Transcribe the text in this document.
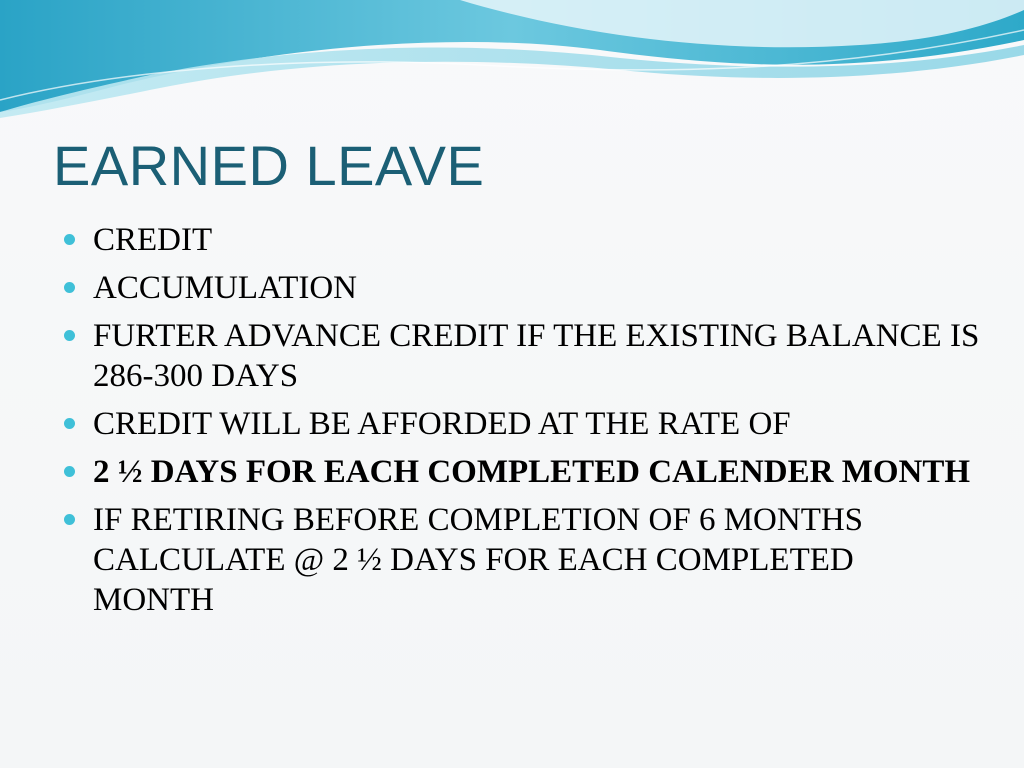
EARNED LEAVE
CREDIT
ACCUMULATION
FURTER ADVANCE CREDIT IF THE EXISTING BALANCE IS 286-300 DAYS
CREDIT WILL BE AFFORDED AT THE RATE OF
2 ½ DAYS FOR EACH COMPLETED CALENDER MONTH
IF RETIRING BEFORE COMPLETION OF 6 MONTHS CALCULATE @ 2 ½ DAYS FOR EACH COMPLETED MONTH
